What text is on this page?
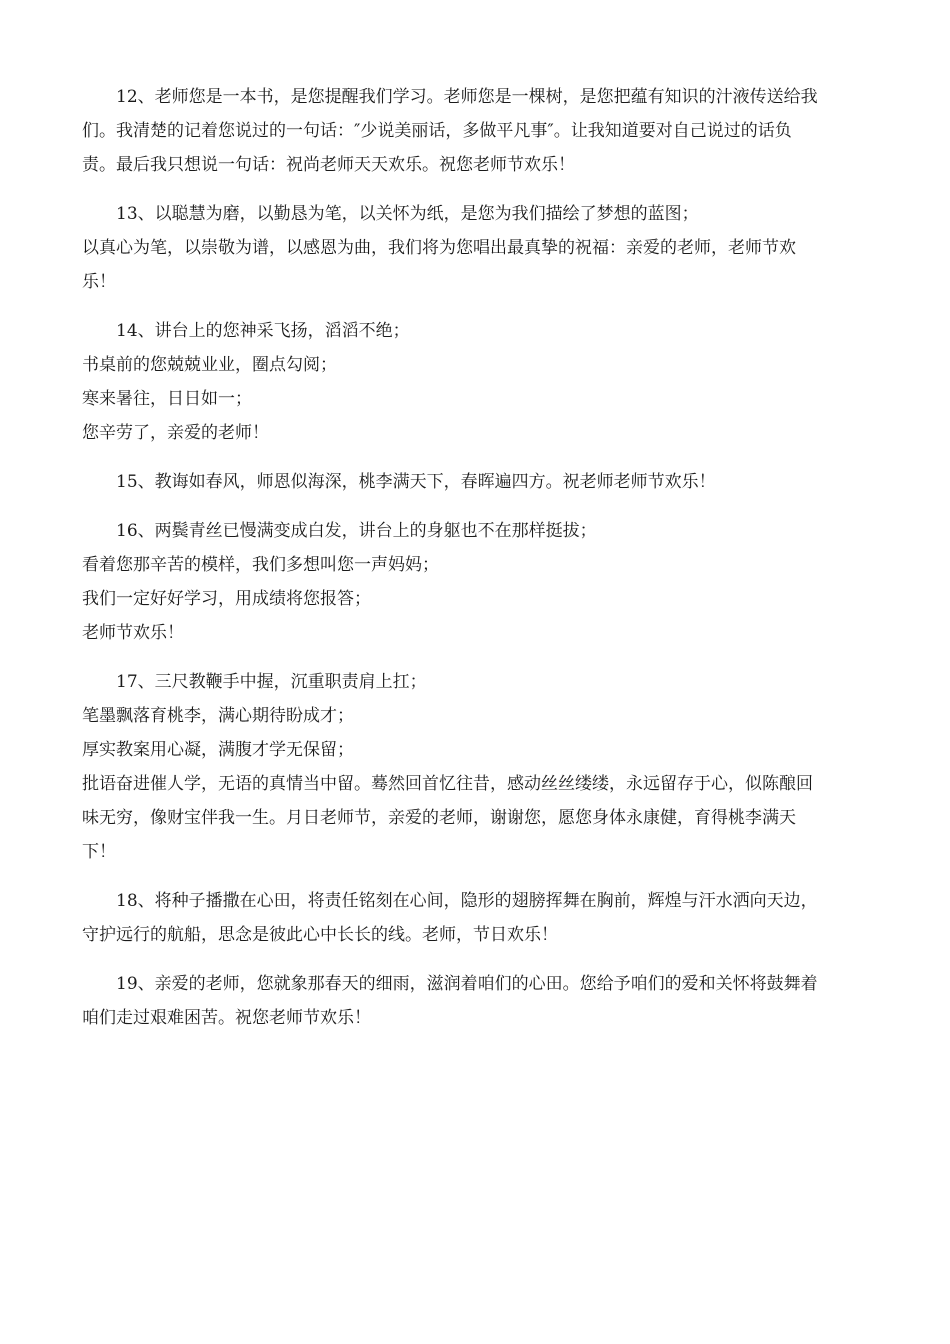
12、老师您是一本书，是您提醒我们学习。老师您是一棵树，是您把蕴有知识的汁液传送给我
们。我清楚的记着您说过的一句话：″少说美丽话，多做平凡事″。让我知道要对自己说过的话负
责。最后我只想说一句话：祝尚老师天天欢乐。祝您老师节欢乐！
13、以聪慧为磨，以勤恳为笔，以关怀为纸，是您为我们描绘了梦想的蓝图；
以真心为笔，以崇敬为谱，以感恩为曲，我们将为您唱出最真挚的祝福：亲爱的老师，老师节欢
乐！
14、讲台上的您神采飞扬，滔滔不绝；
书桌前的您兢兢业业，圈点勾阅；
寒来暑往，日日如一；
您辛劳了，亲爱的老师！
15、教诲如春风，师恩似海深，桃李满天下，春晖遍四方。祝老师老师节欢乐！
16、两鬓青丝已慢满变成白发，讲台上的身躯也不在那样挺拔；
看着您那辛苦的模样，我们多想叫您一声妈妈；
我们一定好好学习，用成绩将您报答；
老师节欢乐！
17、三尺教鞭手中握，沉重职责肩上扛；
笔墨飘落育桃李，满心期待盼成才；
厚实教案用心凝，满腹才学无保留；
批语奋进催人学，无语的真情当中留。蓦然回首忆往昔，感动丝丝缕缕，永远留存于心，似陈酿回
味无穷，像财宝伴我一生。月日老师节，亲爱的老师，谢谢您，愿您身体永康健，育得桃李满天
下！
18、将种子播撒在心田，将责任铭刻在心间，隐形的翅膀挥舞在胸前，辉煌与汗水洒向天边，
守护远行的航船，思念是彼此心中长长的线。老师，节日欢乐！
19、亲爱的老师，您就象那春天的细雨，滋润着咱们的心田。您给予咱们的爱和关怀将鼓舞着
咱们走过艰难困苦。祝您老师节欢乐！
